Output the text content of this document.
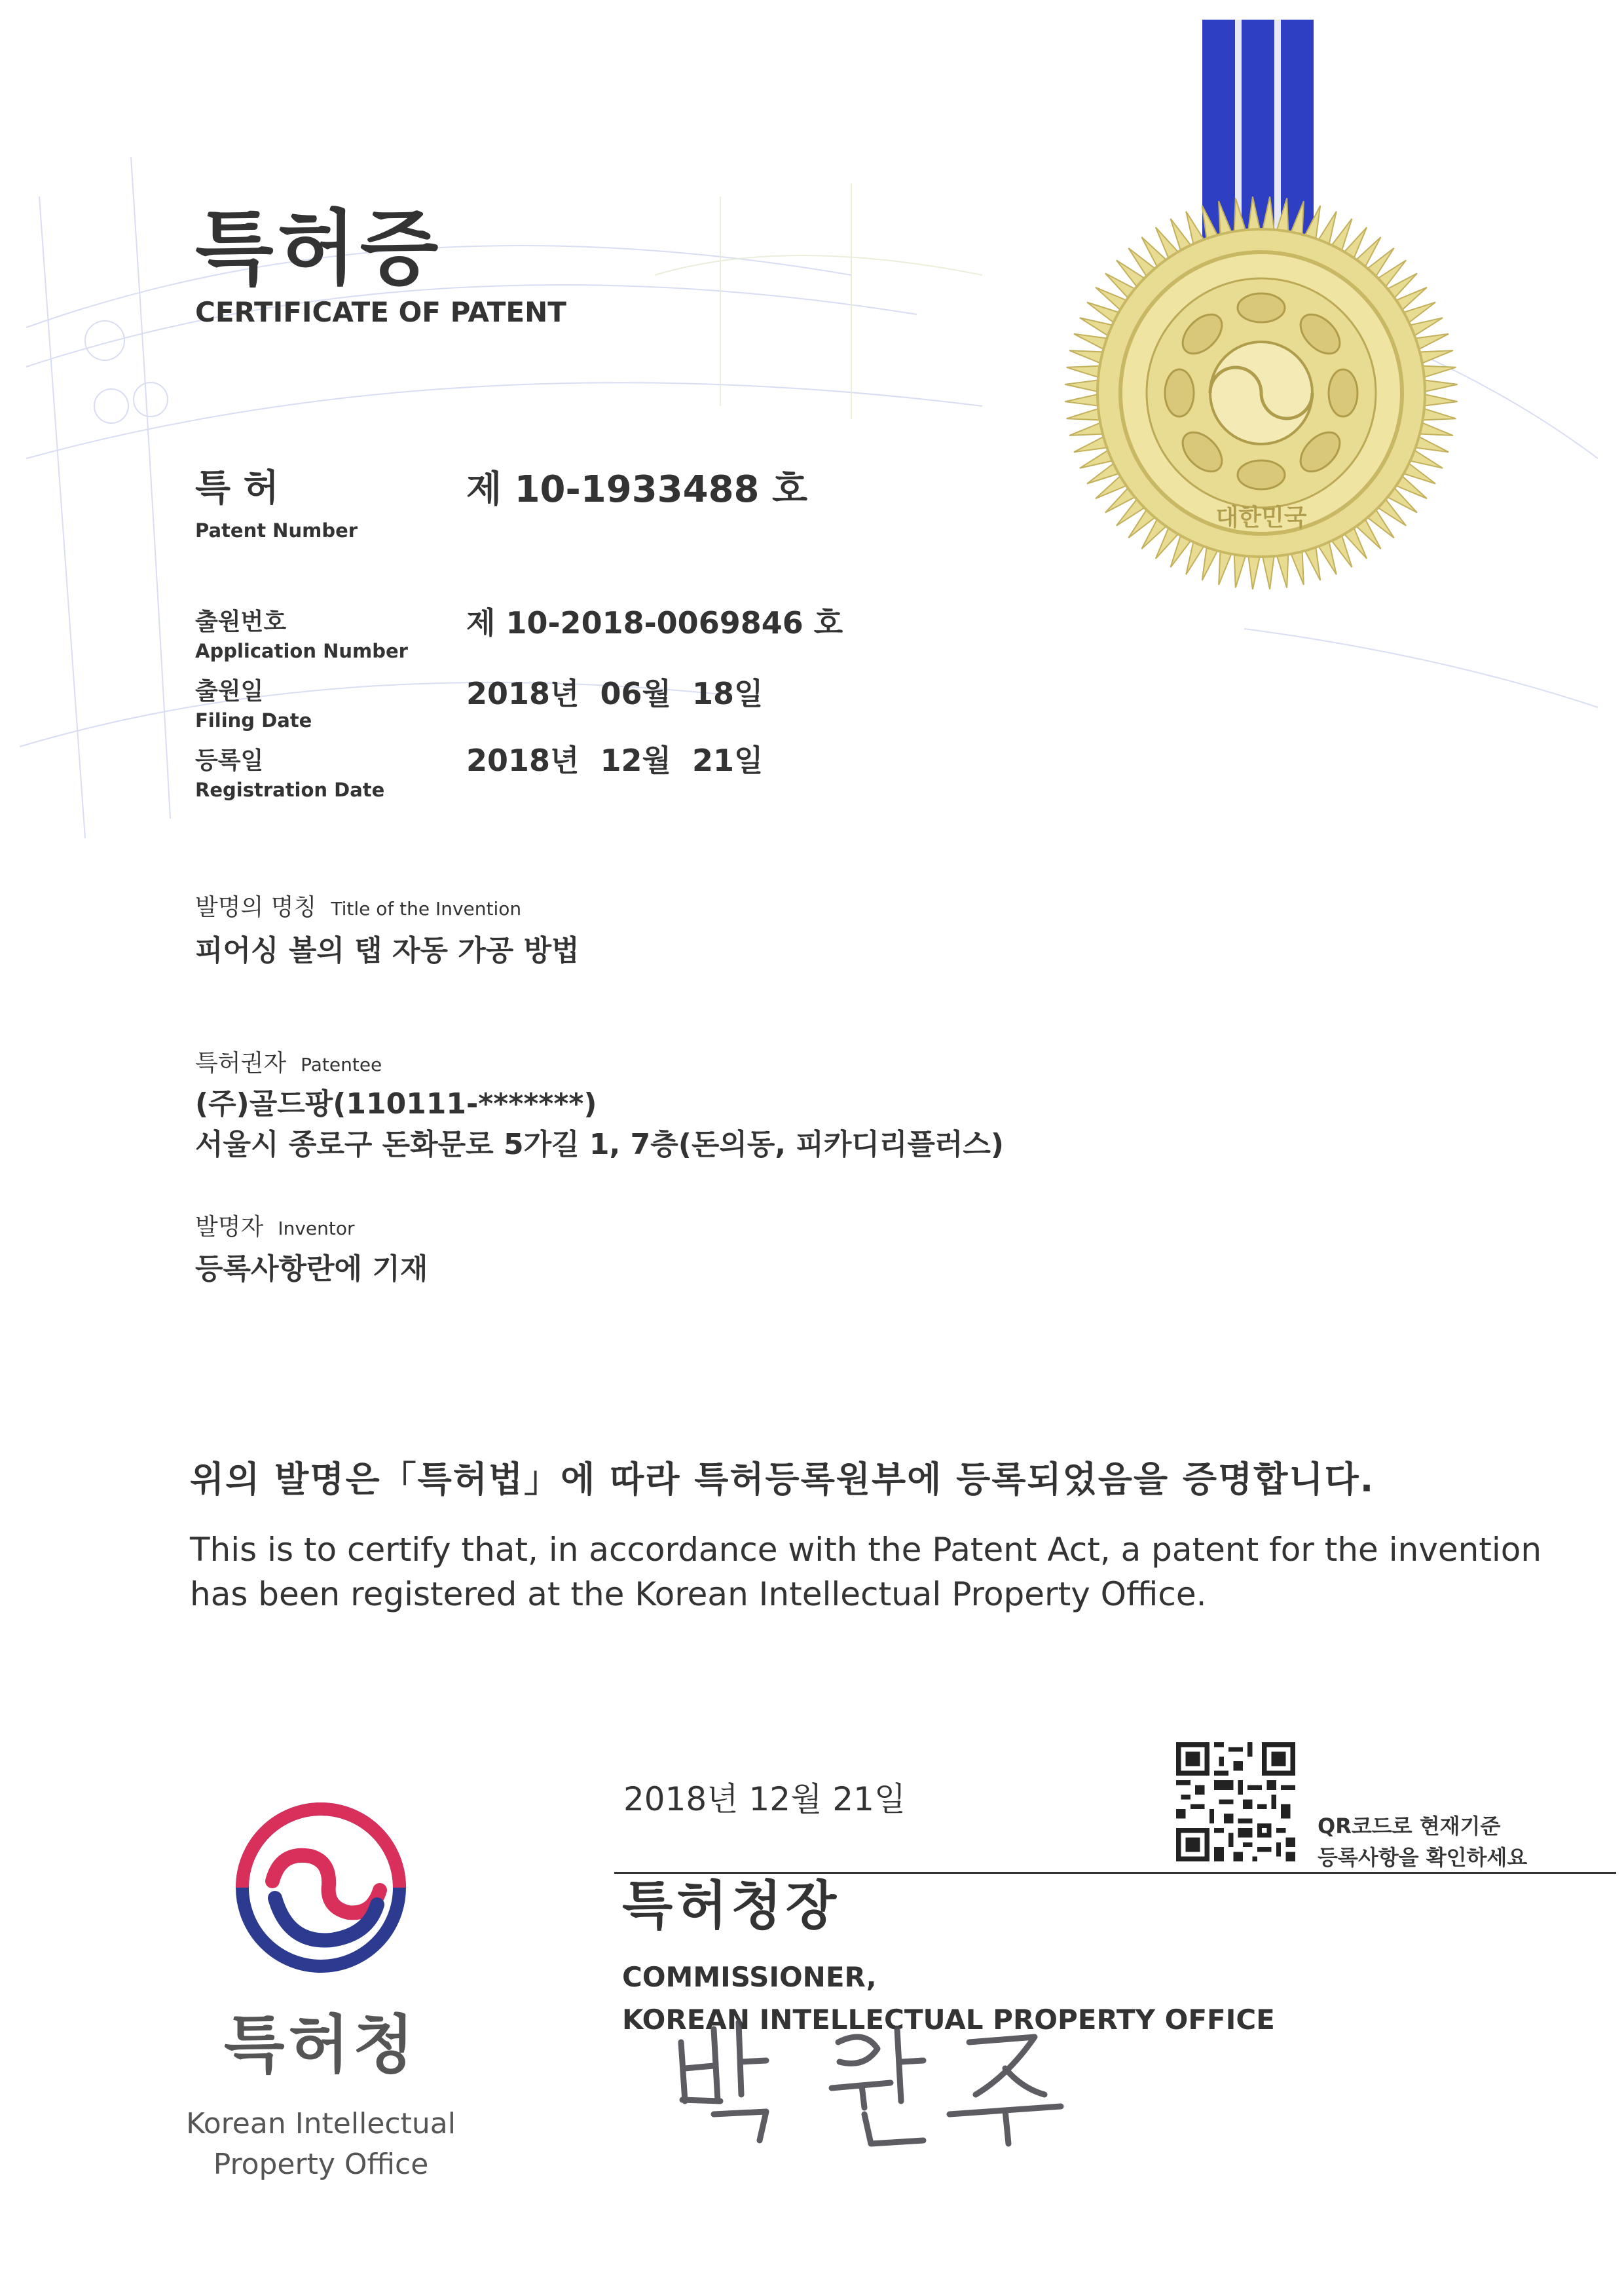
특허증
CERTIFICATE OF PATENT
특 허
Patent Number
제 10-1933488 호
출원번호
Application Number
제 10-2018-0069846 호
출원일
Filing Date
2018년  06월  18일
등록일
Registration Date
2018년  12월  21일
발명의 명칭 Title of the Invention
피어싱 볼의 탭 자동 가공 방법
특허권자 Patentee
(주)골드팡(110111-*******)
서울시 종로구 돈화문로 5가길 1, 7층(돈의동, 피카디리플러스)
발명자 Inventor
등록사항란에 기재
위의 발명은「특허법」에 따라 특허등록원부에 등록되었음을 증명합니다.
This is to certify that, in accordance with the Patent Act, a patent for the invention
has been registered at the Korean Intellectual Property Office.
2018년 12월 21일
QR코드로 현재기준
등록사항을 확인하세요
특허청장
COMMISSIONER,
KOREAN INTELLECTUAL PROPERTY OFFICE
특허청
Korean Intellectual
Property Office
대한민국
